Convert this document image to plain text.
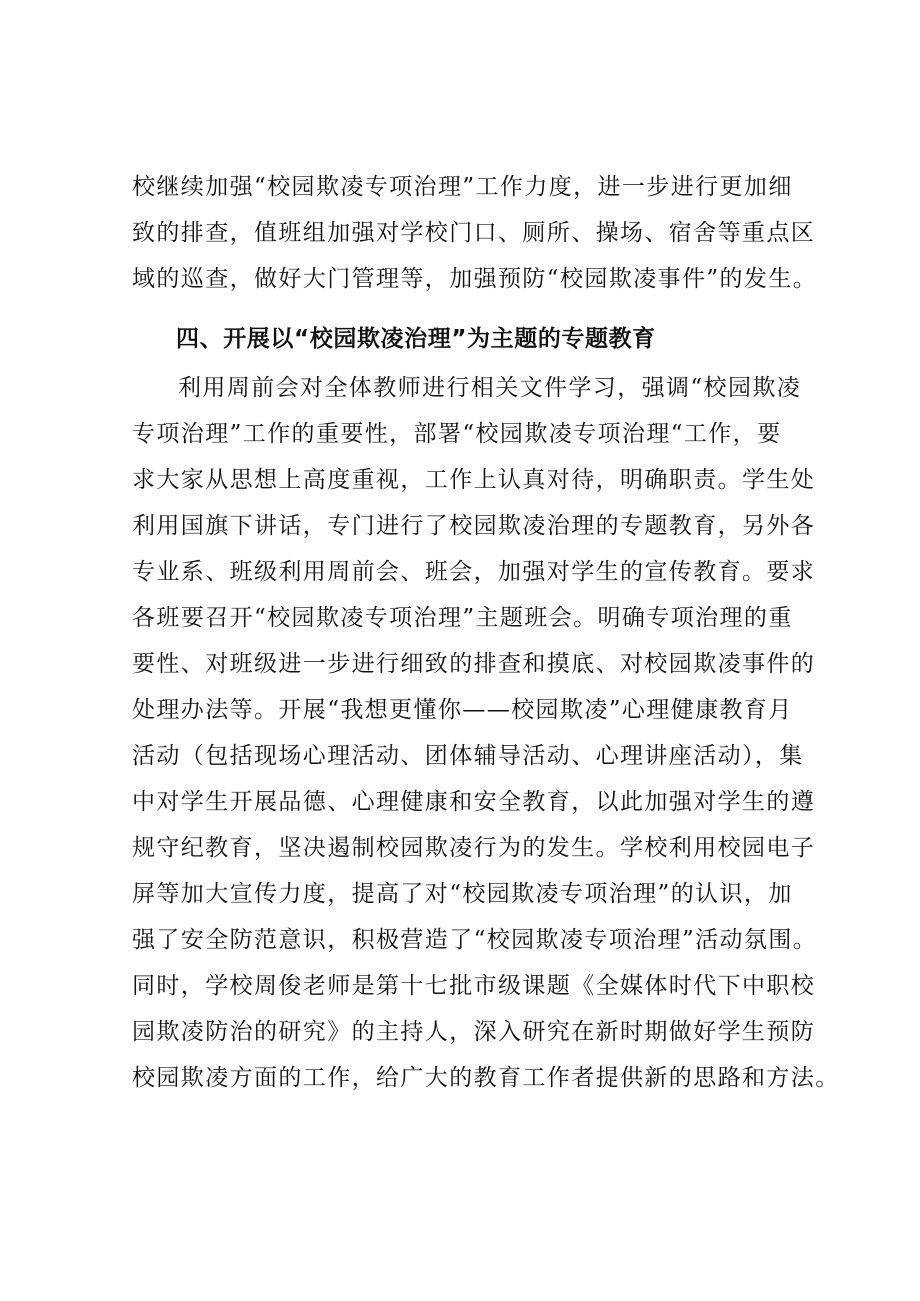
校继续加强“校园欺凌专项治理”工作力度，进一步进行更加细
致的排查，值班组加强对学校门口、厕所、操场、宿舍等重点区
域的巡查，做好大门管理等，加强预防“校园欺凌事件”的发生。
四、开展以“校园欺凌治理”为主题的专题教育
利用周前会对全体教师进行相关文件学习，强调“校园欺凌
专项治理”工作的重要性，部署“校园欺凌专项治理“工作，要
求大家从思想上高度重视，工作上认真对待，明确职责。学生处
利用国旗下讲话，专门进行了校园欺凌治理的专题教育，另外各
专业系、班级利用周前会、班会，加强对学生的宣传教育。要求
各班要召开“校园欺凌专项治理”主题班会。明确专项治理的重
要性、对班级进一步进行细致的排查和摸底、对校园欺凌事件的
处理办法等。开展“我想更懂你——校园欺凌”心理健康教育月
活动（包括现场心理活动、团体辅导活动、心理讲座活动），集
中对学生开展品德、心理健康和安全教育，以此加强对学生的遵
规守纪教育，坚决遏制校园欺凌行为的发生。学校利用校园电子
屏等加大宣传力度，提高了对“校园欺凌专项治理”的认识，加
强了安全防范意识，积极营造了“校园欺凌专项治理”活动氛围。
同时，学校周俊老师是第十七批市级课题《全媒体时代下中职校
园欺凌防治的研究》的主持人，深入研究在新时期做好学生预防
校园欺凌方面的工作，给广大的教育工作者提供新的思路和方法。
